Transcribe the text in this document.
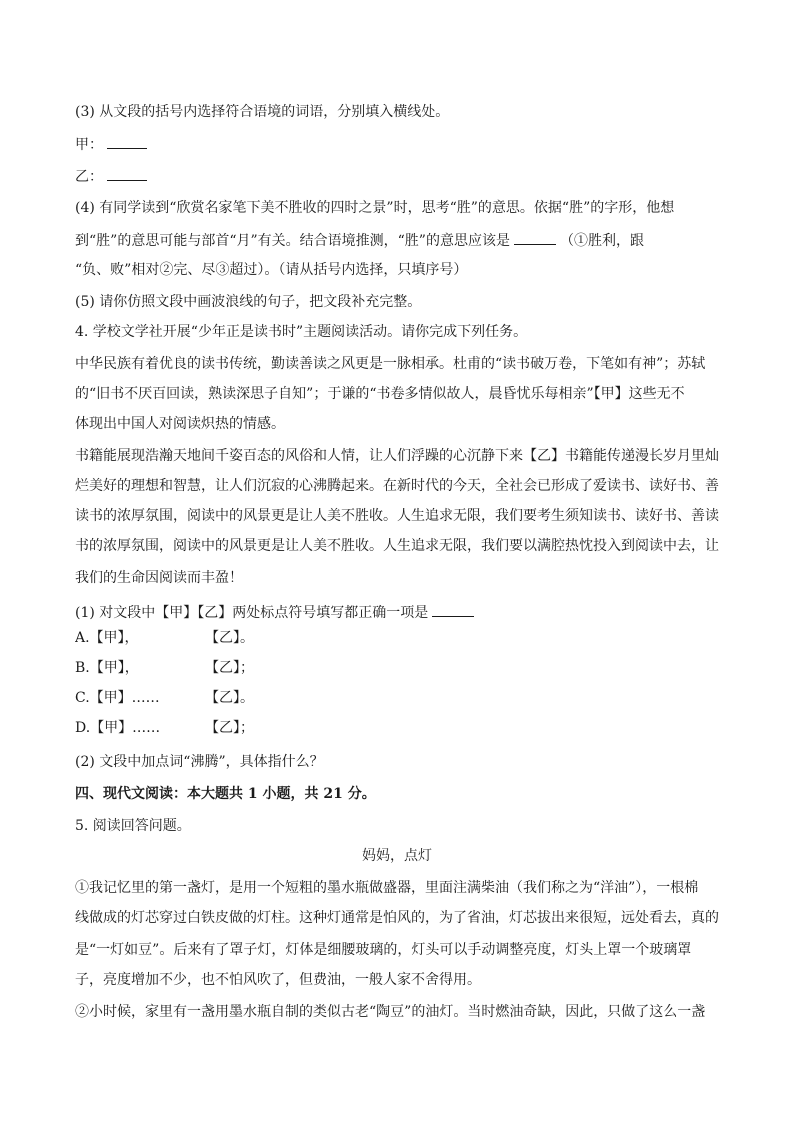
(3) 从文段的括号内选择符合语境的词语，分别填入横线处。
甲：
乙：
(4) 有同学读到“欣赏名家笔下美不胜收的四时之景”时，思考“胜”的意思。依据“胜”的字形，他想
到“胜”的意思可能与部首“月”有关。结合语境推测，“胜”的意思应该是	（①胜利，跟
“负、败”相对②完、尽③超过）。（请从括号内选择，只填序号）
(5) 请你仿照文段中画波浪线的句子，把文段补充完整。
4. 学校文学社开展“少年正是读书时”主题阅读活动。请你完成下列任务。
中华民族有着优良的读书传统，勤读善读之风更是一脉相承。杜甫的“读书破万卷，下笔如有神”；苏轼
的“旧书不厌百回读，熟读深思子自知”；于谦的“书卷多情似故人，晨昏忧乐每相亲”【甲】这些无不
体现出中国人对阅读炽热的情感。
书籍能展现浩瀚天地间千姿百态的风俗和人情，让人们浮躁的心沉静下来【乙】书籍能传递漫长岁月里灿
烂美好的理想和智慧，让人们沉寂的心沸腾起来。在新时代的今天，全社会已形成了爱读书、读好书、善
读书的浓厚氛围，阅读中的风景更是让人美不胜收。人生追求无限，我们要考生须知读书、读好书、善读
书的浓厚氛围，阅读中的风景更是让人美不胜收。人生追求无限，我们要以满腔热忱投入到阅读中去，让
我们的生命因阅读而丰盈！
(1) 对文段中【甲】【乙】两处标点符号填写都正确一项是
A.【甲】，	【乙】。
B.【甲】，	【乙】；
C.【甲】……	【乙】。
D.【甲】……	【乙】；
(2) 文段中加点词“沸腾”，具体指什么？
四、现代文阅读：本大题共 1 小题，共 21 分。
5. 阅读回答问题。
妈妈，点灯
①我记忆里的第一盏灯，是用一个短粗的墨水瓶做盛器，里面注满柴油（我们称之为“洋油”），一根棉
线做成的灯芯穿过白铁皮做的灯柱。这种灯通常是怕风的，为了省油，灯芯拔出来很短，远处看去，真的
是“一灯如豆”。后来有了罩子灯，灯体是细腰玻璃的，灯头可以手动调整亮度，灯头上罩一个玻璃罩
子，亮度增加不少，也不怕风吹了，但费油，一般人家不舍得用。
②小时候，家里有一盏用墨水瓶自制的类似古老“陶豆”的油灯。当时燃油奇缺，因此，只做了这么一盏
